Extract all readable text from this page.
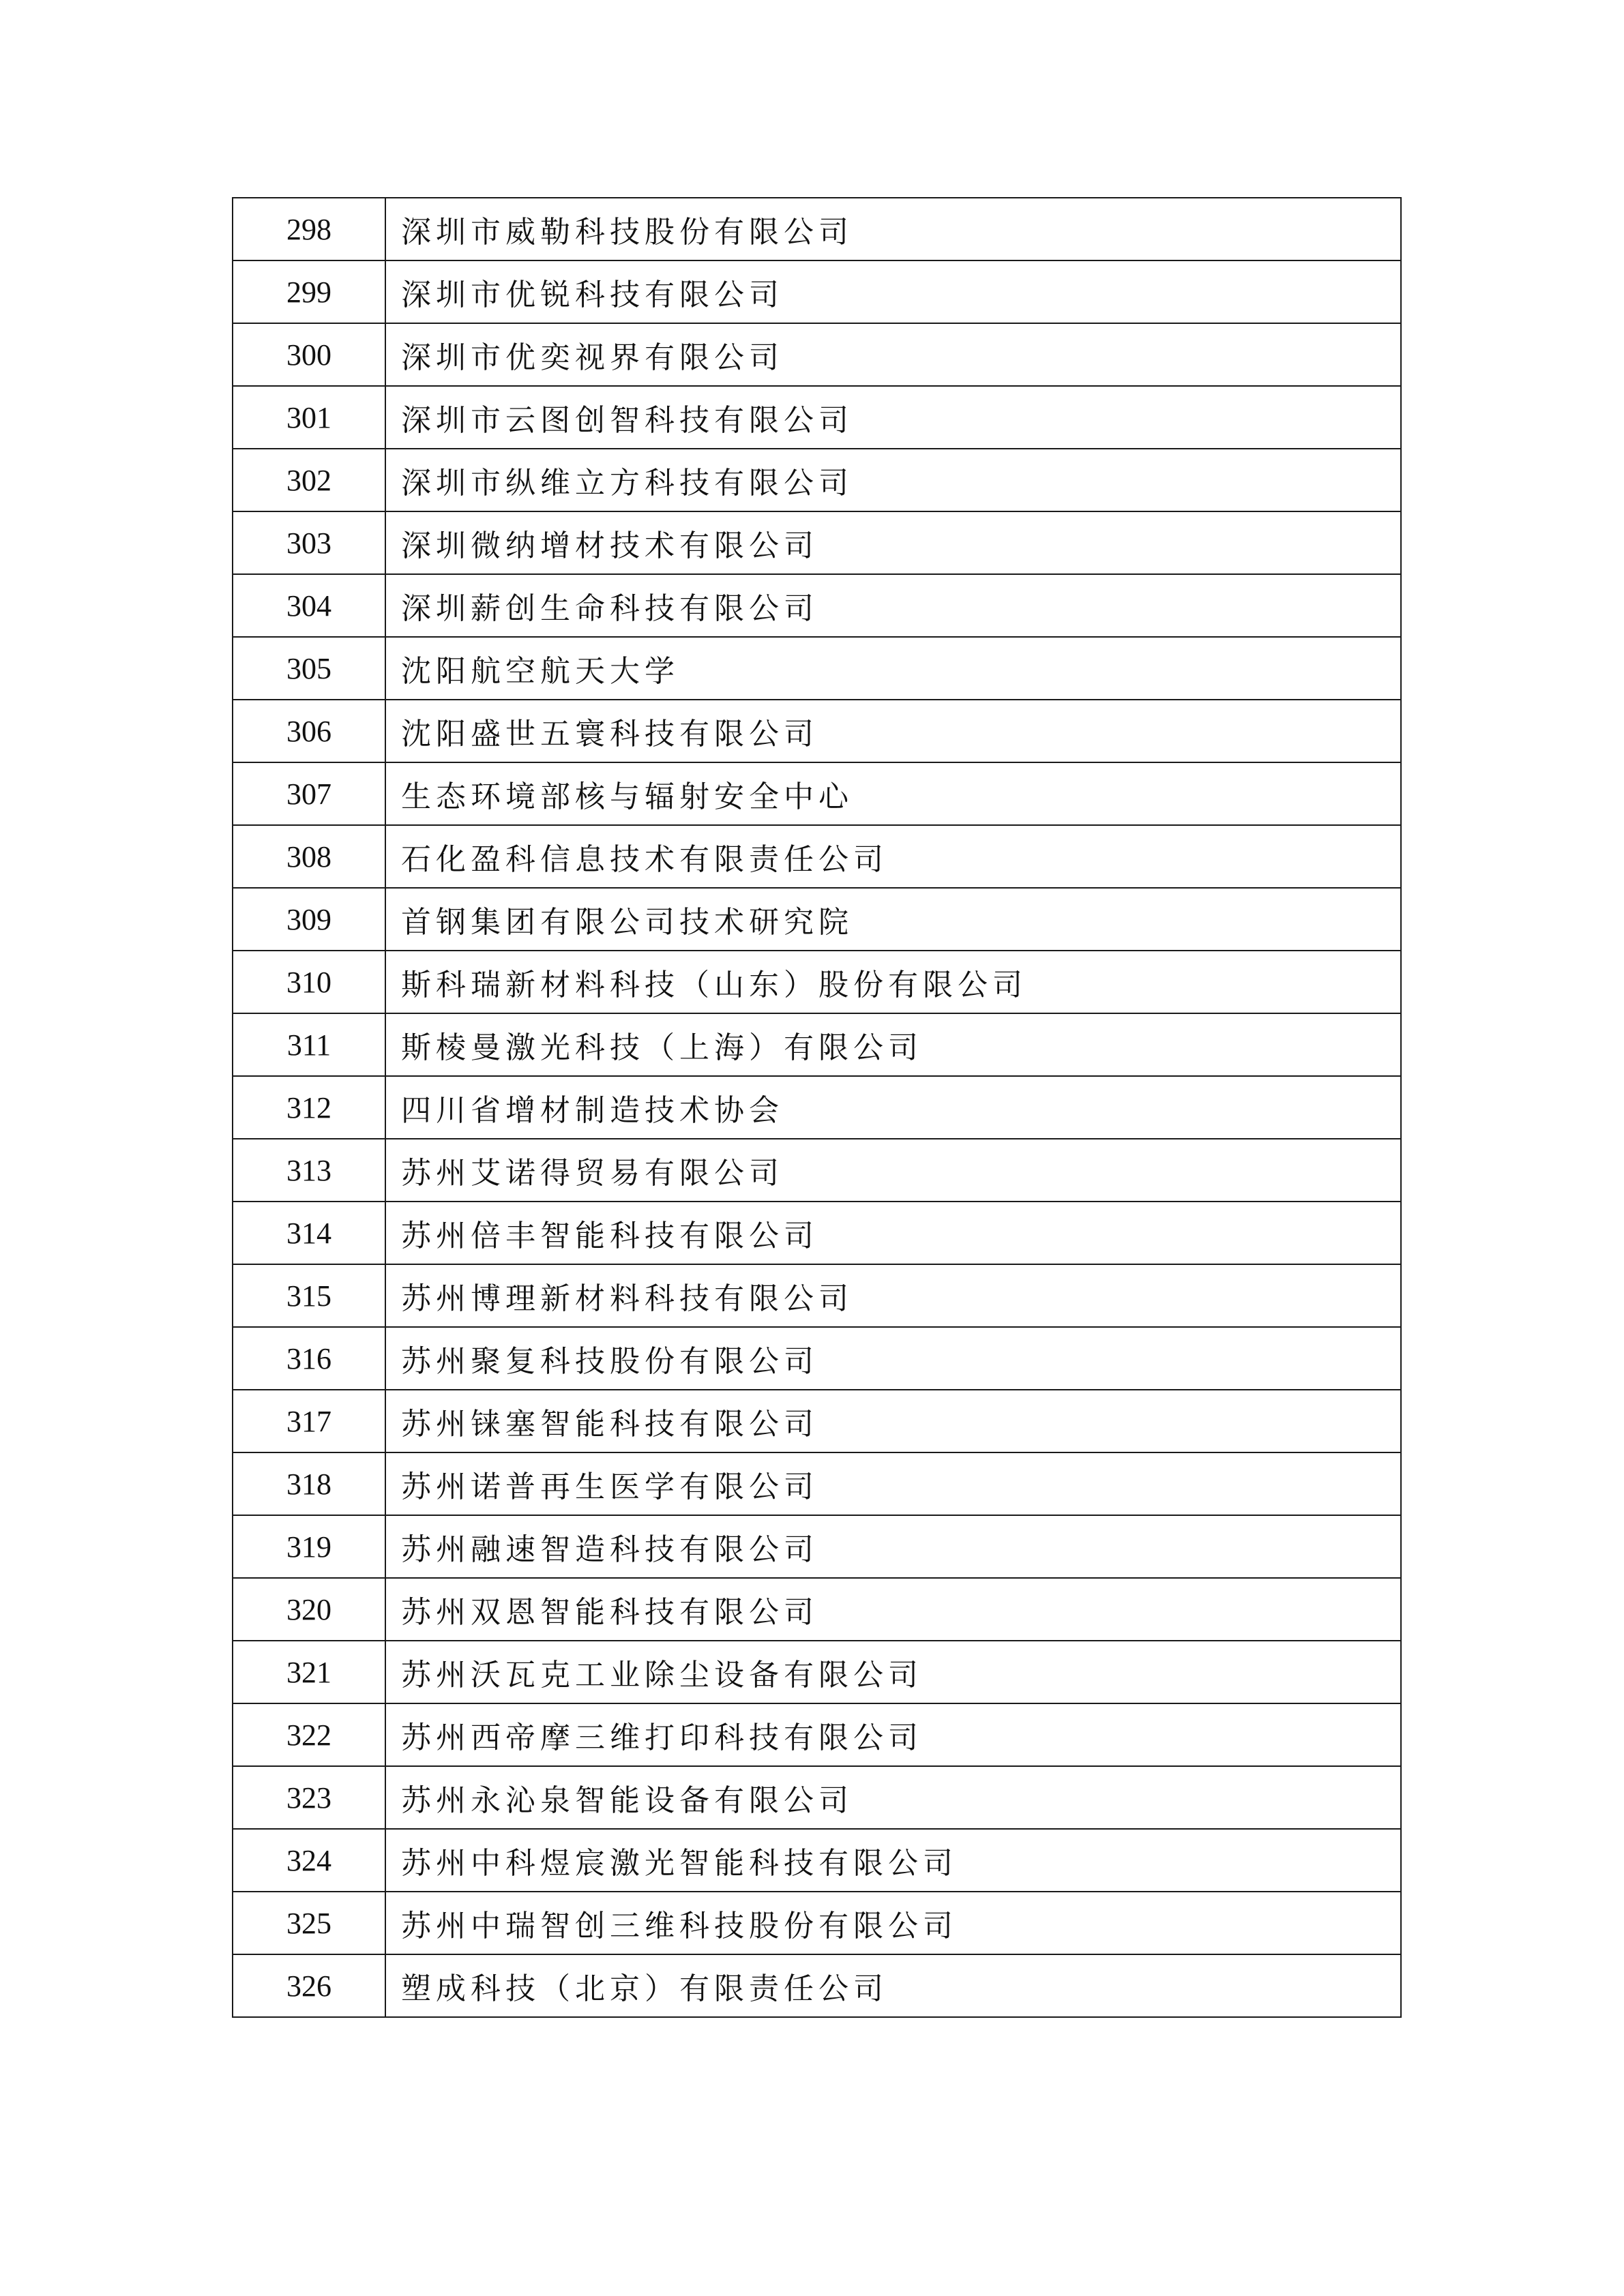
298	深圳市威勒科技股份有限公司
299	深圳市优锐科技有限公司
300	深圳市优奕视界有限公司
301	深圳市云图创智科技有限公司
302	深圳市纵维立方科技有限公司
303	深圳微纳增材技术有限公司
304	深圳薪创生命科技有限公司
305	沈阳航空航天大学
306	沈阳盛世五寰科技有限公司
307	生态环境部核与辐射安全中心
308	石化盈科信息技术有限责任公司
309	首钢集团有限公司技术研究院
310	斯科瑞新材料科技（山东）股份有限公司
311	斯棱曼激光科技（上海）有限公司
312	四川省增材制造技术协会
313	苏州艾诺得贸易有限公司
314	苏州倍丰智能科技有限公司
315	苏州博理新材料科技有限公司
316	苏州聚复科技股份有限公司
317	苏州铼塞智能科技有限公司
318	苏州诺普再生医学有限公司
319	苏州融速智造科技有限公司
320	苏州双恩智能科技有限公司
321	苏州沃瓦克工业除尘设备有限公司
322	苏州西帝摩三维打印科技有限公司
323	苏州永沁泉智能设备有限公司
324	苏州中科煜宸激光智能科技有限公司
325	苏州中瑞智创三维科技股份有限公司
326	塑成科技（北京）有限责任公司
